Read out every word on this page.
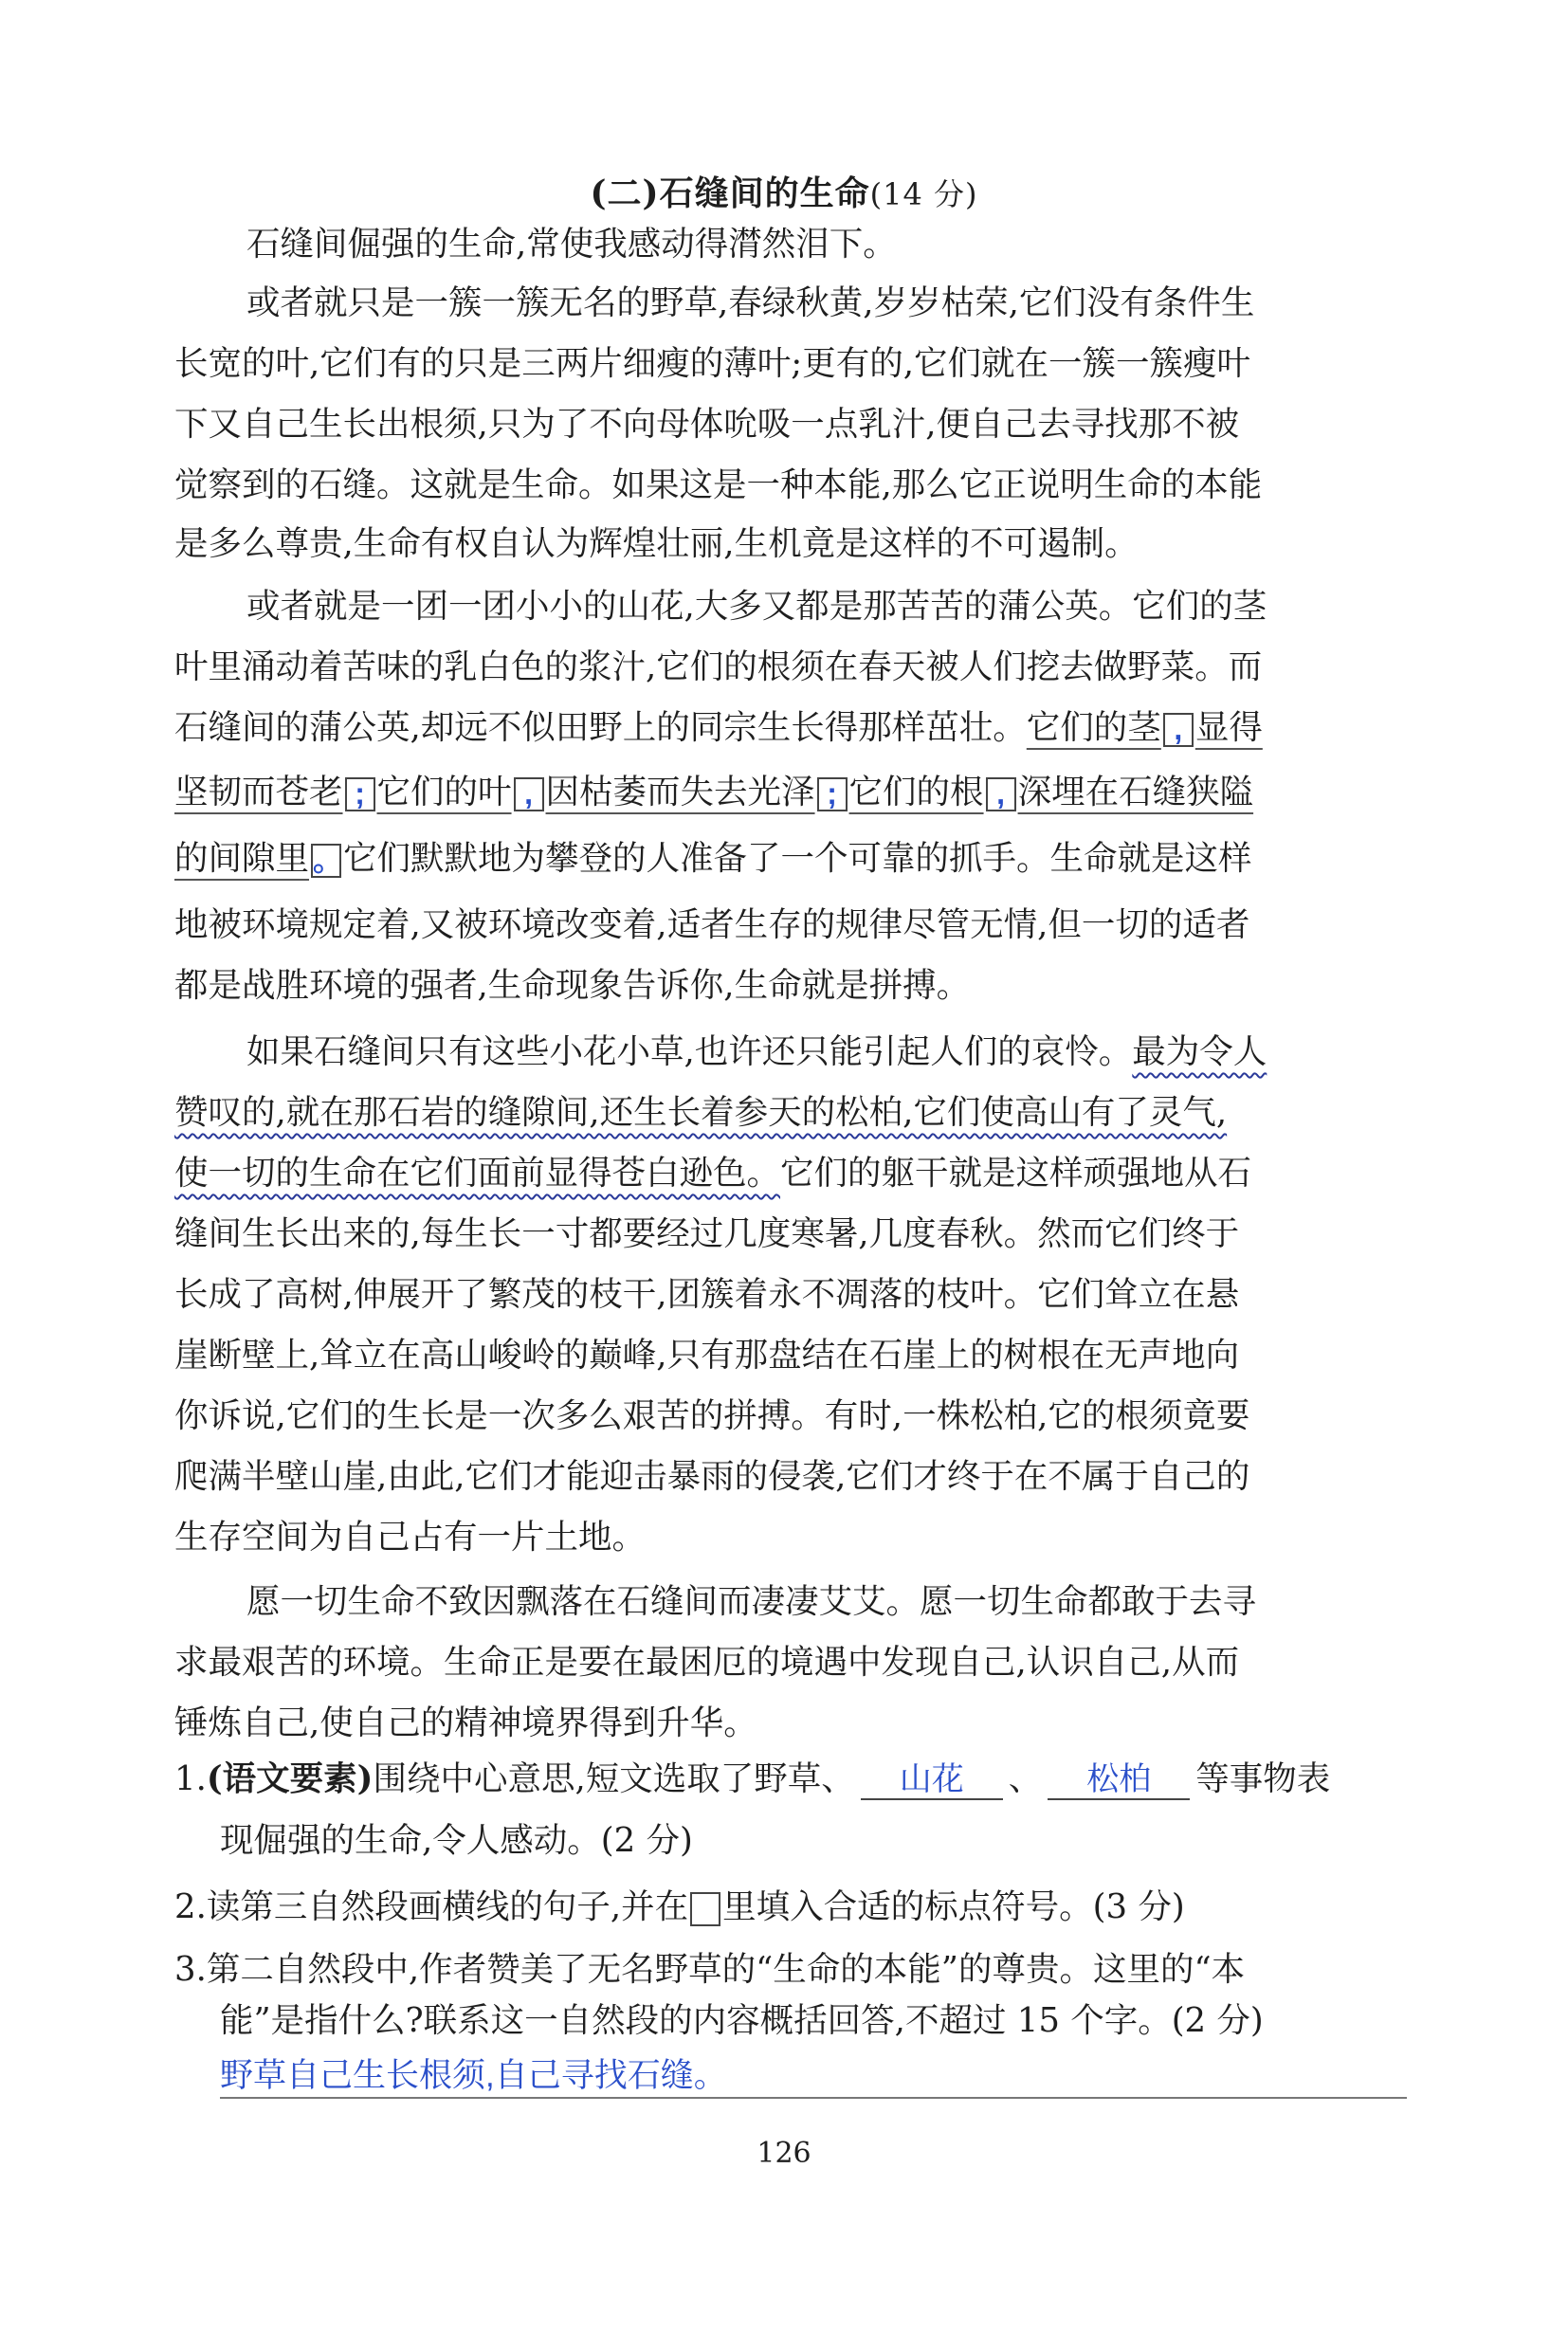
(二)石缝间的生命(14 分)
石缝间倔强的生命,常使我感动得潸然泪下。
或者就只是一簇一簇无名的野草,春绿秋黄,岁岁枯荣,它们没有条件生
长宽的叶,它们有的只是三两片细瘦的薄叶;更有的,它们就在一簇一簇瘦叶
下又自己生长出根须,只为了不向母体吮吸一点乳汁,便自己去寻找那不被
觉察到的石缝。这就是生命。如果这是一种本能,那么它正说明生命的本能
是多么尊贵,生命有权自认为辉煌壮丽,生机竟是这样的不可遏制。
或者就是一团一团小小的山花,大多又都是那苦苦的蒲公英。它们的茎
叶里涌动着苦味的乳白色的浆汁,它们的根须在春天被人们挖去做野菜。而
石缝间的蒲公英,却远不似田野上的同宗生长得那样茁壮。它们的茎 , 显得
坚韧而苍老 ; 它们的叶 , 因枯萎而失去光泽 ; 它们的根 , 深埋在石缝狭隘
的间隙里 。它们默默地为攀登的人准备了一个可靠的抓手。生命就是这样
地被环境规定着,又被环境改变着,适者生存的规律尽管无情,但一切的适者
都是战胜环境的强者,生命现象告诉你,生命就是拼搏。
如果石缝间只有这些小花小草,也许还只能引起人们的哀怜。最为令人
赞叹的,就在那石岩的缝隙间,还生长着参天的松柏,它们使高山有了灵气,
使一切的生命在它们面前显得苍白逊色。它们的躯干就是这样顽强地从石
缝间生长出来的,每生长一寸都要经过几度寒暑,几度春秋。然而它们终于
长成了高树,伸展开了繁茂的枝干,团簇着永不凋落的枝叶。它们耸立在悬
崖断壁上,耸立在高山峻岭的巅峰,只有那盘结在石崖上的树根在无声地向
你诉说,它们的生长是一次多么艰苦的拼搏。有时,一株松柏,它的根须竟要
爬满半壁山崖,由此,它们才能迎击暴雨的侵袭,它们才终于在不属于自己的
生存空间为自己占有一片土地。
愿一切生命不致因飘落在石缝间而凄凄艾艾。愿一切生命都敢于去寻
求最艰苦的环境。生命正是要在最困厄的境遇中发现自己,认识自己,从而
锤炼自己,使自己的精神境界得到升华。
1.(语文要素)围绕中心意思,短文选取了野草、 山花 、 松柏 等事物表
现倔强的生命,令人感动。(2 分)
2.读第三自然段画横线的句子,并在 里填入合适的标点符号。(3 分)
3.第二自然段中,作者赞美了无名野草的“生命的本能”的尊贵。这里的“本
能”是指什么?联系这一自然段的内容概括回答,不超过 15 个字。(2 分)
野草自己生长根须,自己寻找石缝。
126
